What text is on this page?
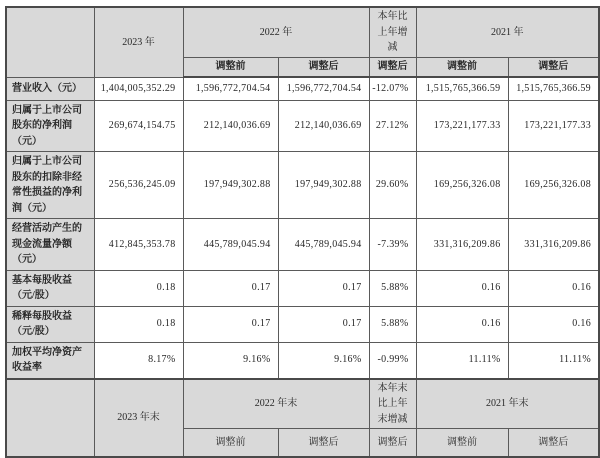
	2023 年	2022 年		本年比上年增减	2021 年	
		调整前	调整后	调整后	调整前	调整后
营业收入（元）	1,404,005,352.29	1,596,772,704.54	1,596,772,704.54	-12.07%	1,515,765,366.59	1,515,765,366.59
归属于上市公司股东的净利润（元）	269,674,154.75	212,140,036.69	212,140,036.69	27.12%	173,221,177.33	173,221,177.33
归属于上市公司股东的扣除非经常性损益的净利润（元）	256,536,245.09	197,949,302.88	197,949,302.88	29.60%	169,256,326.08	169,256,326.08
经营活动产生的现金流量净额（元）	412,845,353.78	445,789,045.94	445,789,045.94	-7.39%	331,316,209.86	331,316,209.86
基本每股收益（元/股）	0.18	0.17	0.17	5.88%	0.16	0.16
稀释每股收益（元/股）	0.18	0.17	0.17	5.88%	0.16	0.16
加权平均净资产收益率	8.17%	9.16%	9.16%	-0.99%	11.11%	11.11%
	2023 年末	2022 年末		本年末比上年末增减	2021 年末	
		调整前	调整后	调整后	调整前	调整后
